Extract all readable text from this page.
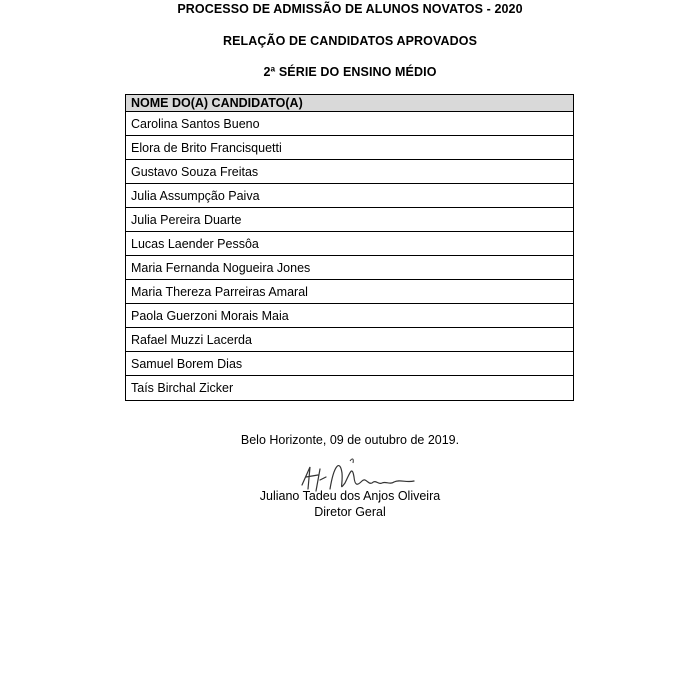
PROCESSO DE ADMISSÃO DE ALUNOS NOVATOS - 2020
RELAÇÃO DE CANDIDATOS APROVADOS
2ª SÉRIE DO ENSINO MÉDIO
NOME DO(A) CANDIDATO(A)
Carolina Santos Bueno
Elora de Brito Francisquetti
Gustavo Souza Freitas
Julia Assumpção Paiva
Julia Pereira Duarte
Lucas Laender Pessôa
Maria Fernanda Nogueira Jones
Maria Thereza Parreiras Amaral
Paola Guerzoni Morais Maia
Rafael Muzzi Lacerda
Samuel Borem Dias
Taís Birchal Zicker
Belo Horizonte, 09 de outubro de 2019.
Juliano Tadeu dos Anjos Oliveira
Diretor Geral
